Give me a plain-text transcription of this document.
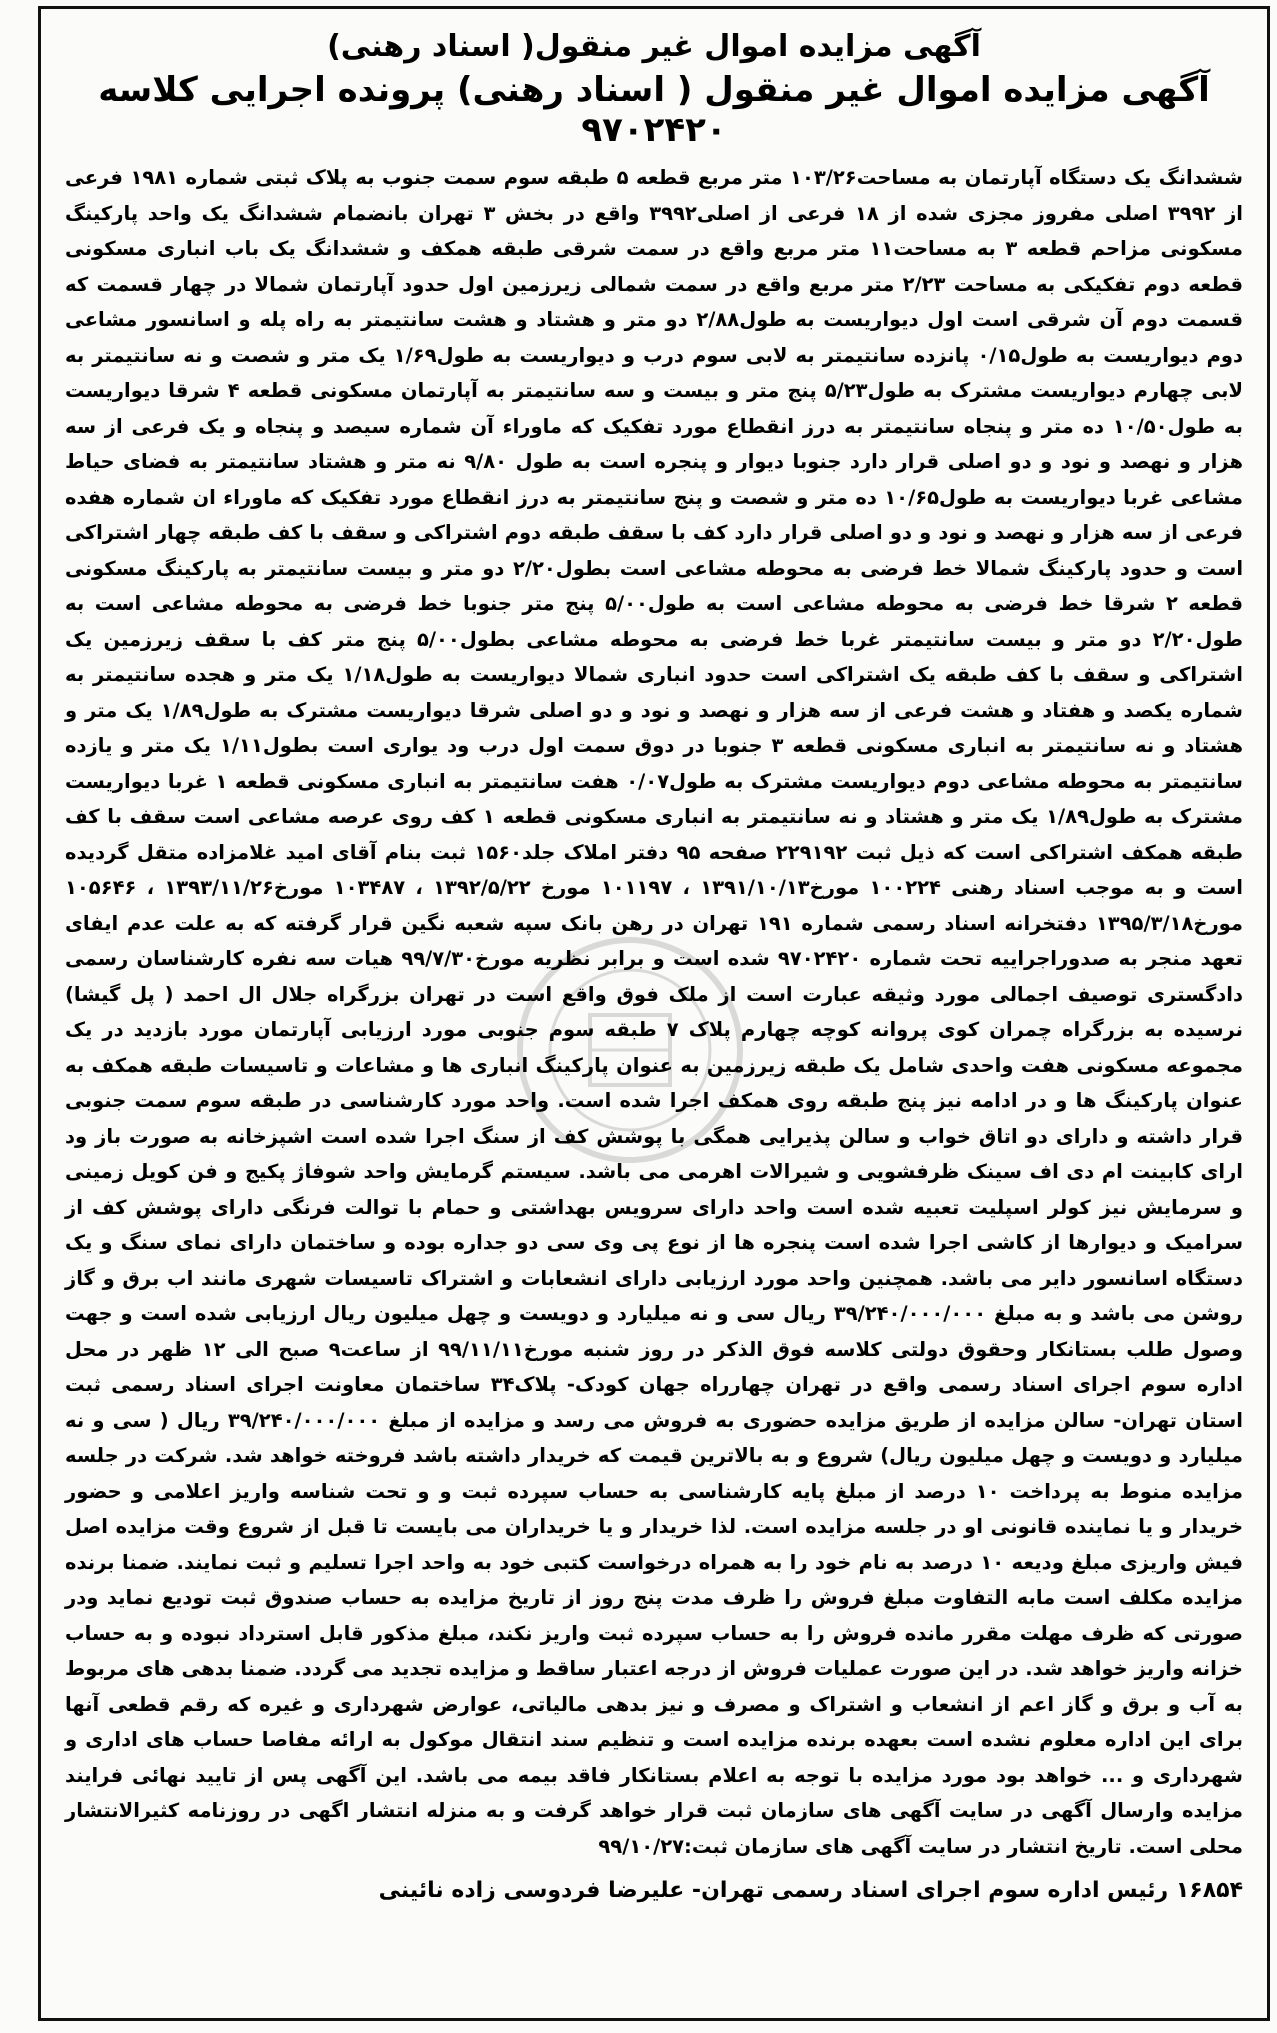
آگهی مزایده اموال غیر منقول( اسناد رهنی)
آگهی مزایده اموال غیر منقول ( اسناد رهنی) پرونده اجرایی کلاسه ۹۷۰۲۴۲۰

ششدانگ یک دستگاه آپارتمان به مساحت۱۰۳/۲۶ متر مربع قطعه ۵ طبقه سوم سمت جنوب به پلاک ثبتی شماره ۱۹۸۱ فرعی از ۳۹۹۲ اصلی مفروز مجزی شده از ۱۸ فرعی از اصلی۳۹۹۲ واقع در بخش ۳ تهران بانضمام ششدانگ یک واحد پارکینگ مسکونی مزاحم قطعه ۳ به مساحت۱۱ متر مربع واقع در سمت شرقی طبقه همکف و ششدانگ یک باب انباری مسکونی قطعه دوم تفکیکی به مساحت ۲/۲۳ متر مربع واقع در سمت شمالی زیرزمین اول حدود آپارتمان شمالا در چهار قسمت که قسمت دوم آن شرقی است اول دیواریست به طول۲/۸۸ دو متر و هشتاد و هشت سانتیمتر به راه پله و اسانسور مشاعی دوم دیواریست به طول۰/۱۵ پانزده سانتیمتر به لابی سوم درب و دیواریست به طول۱/۶۹ یک متر و شصت و نه سانتیمتر به لابی چهارم دیواریست مشترک به طول۵/۲۳ پنج متر و بیست و سه سانتیمتر به آپارتمان مسکونی قطعه ۴ شرقا دیواریست به طول۱۰/۵۰ ده متر و پنجاه سانتیمتر به درز انقطاع مورد تفکیک که ماوراء آن شماره سیصد و پنجاه و یک فرعی از سه هزار و نهصد و نود و دو اصلی قرار دارد جنوبا دیوار و پنجره است به طول ۹/۸۰ نه متر و هشتاد سانتیمتر به فضای حیاط مشاعی غربا دیواریست به طول۱۰/۶۵ ده متر و شصت و پنج سانتیمتر به درز انقطاع مورد تفکیک که ماوراء ان شماره هفده فرعی از سه هزار و نهصد و نود و دو اصلی قرار دارد کف با سقف طبقه دوم اشتراکی و سقف با کف طبقه چهار اشتراکی است و حدود پارکینگ شمالا خط فرضی به محوطه مشاعی است بطول۲/۲۰ دو متر و بیست سانتیمتر به پارکینگ مسکونی قطعه ۲ شرقا خط فرضی به محوطه مشاعی است به طول۵/۰۰ پنج متر جنوبا خط فرضی به محوطه مشاعی است به طول۲/۲۰ دو متر و بیست سانتیمتر غربا خط فرضی به محوطه مشاعی بطول۵/۰۰ پنج متر کف با سقف زیرزمین یک اشتراکی و سقف با کف طبقه یک اشتراکی است حدود انباری شمالا دیواریست به طول۱/۱۸ یک متر و هجده سانتیمتر به شماره یکصد و هفتاد و هشت فرعی از سه هزار و نهصد و نود و دو اصلی شرقا دیواریست مشترک به طول۱/۸۹ یک متر و هشتاد و نه سانتیمتر به انباری مسکونی قطعه ۳ جنوبا در دوق سمت اول درب ود یواری است بطول۱/۱۱ یک متر و یازده سانتیمتر به محوطه مشاعی دوم دیواریست مشترک به طول۰/۰۷ هفت سانتیمتر به انباری مسکونی قطعه ۱ غربا دیواریست مشترک به طول۱/۸۹ یک متر و هشتاد و نه سانتیمتر به انباری مسکونی قطعه ۱ کف روی عرصه مشاعی است سقف با کف طبقه همکف اشتراکی است که ذیل ثبت ۲۲۹۱۹۲ صفحه ۹۵ دفتر املاک جلد۱۵۶۰ ثبت بنام آقای امید غلامزاده متقل گردیده است و به موجب اسناد رهنی ۱۰۰۲۲۴ مورخ۱۳۹۱/۱۰/۱۳ ، ۱۰۱۱۹۷ مورخ ۱۳۹۲/۵/۲۲ ، ۱۰۳۴۸۷ مورخ۱۳۹۳/۱۱/۲۶ ، ۱۰۵۶۴۶ مورخ۱۳۹۵/۳/۱۸ دفتخرانه اسناد رسمی شماره ۱۹۱ تهران در رهن بانک سپه شعبه نگین قرار گرفته که به علت عدم ایفای تعهد منجر به صدوراجراییه تحت شماره ۹۷۰۲۴۲۰ شده است و برابر نظریه مورخ۹۹/۷/۳۰ هیات سه نفره کارشناسان رسمی دادگستری توصیف اجمالی مورد وثیقه عبارت است از ملک فوق واقع است در تهران بزرگراه جلال ال احمد ( پل گیشا) نرسیده به بزرگراه چمران کوی پروانه کوچه چهارم پلاک ۷ طبقه سوم جنوبی مورد ارزیابی آپارتمان مورد بازدید در یک مجموعه مسکونی هفت واحدی شامل یک طبقه زیرزمین به عنوان پارکینگ انباری ها و مشاعات و تاسیسات طبقه همکف به عنوان پارکینگ ها و در ادامه نیز پنج طبقه روی همکف اجرا شده است. واحد مورد کارشناسی در طبقه سوم سمت جنوبی قرار داشته و دارای دو اتاق خواب و سالن پذیرایی همگی با پوشش کف از سنگ اجرا شده است اشپزخانه به صورت باز ود ارای کابینت ام دی اف سینک ظرفشویی و شیرالات اهرمی می باشد. سیستم گرمایش واحد شوفاژ پکیج و فن کویل زمینی و سرمایش نیز کولر اسپلیت تعبیه شده است واحد دارای سرویس بهداشتی و حمام با توالت فرنگی دارای پوشش کف از سرامیک و دیوارها از کاشی اجرا شده است پنجره ها از نوع پی وی سی دو جداره بوده و ساختمان دارای نمای سنگ و یک دستگاه اسانسور دایر می باشد. همچنین واحد مورد ارزیابی دارای انشعابات و اشتراک تاسیسات شهری مانند اب برق و گاز روشن می باشد و به مبلغ ۳۹/۲۴۰/۰۰۰/۰۰۰ ریال سی و نه میلیارد و دویست و چهل میلیون ریال ارزیابی شده است و جهت وصول طلب بستانکار وحقوق دولتی کلاسه فوق الذکر در روز شنبه مورخ۹۹/۱۱/۱۱ از ساعت۹ صبح الی ۱۲ ظهر در محل اداره سوم اجرای اسناد رسمی واقع در تهران چهارراه جهان کودک- پلاک۳۴ ساختمان معاونت اجرای اسناد رسمی ثبت استان تهران- سالن مزایده از طریق مزایده حضوری به فروش می رسد و مزایده از مبلغ ۳۹/۲۴۰/۰۰۰/۰۰۰ ریال ( سی و نه میلیارد و دویست و چهل میلیون ریال) شروع و به بالاترین قیمت که خریدار داشته باشد فروخته خواهد شد. شرکت در جلسه مزایده منوط به پرداخت ۱۰ درصد از مبلغ پایه کارشناسی به حساب سپرده ثبت و و تحت شناسه واریز اعلامی و حضور خریدار و یا نماینده قانونی او در جلسه مزایده است. لذا خریدار و یا خریداران می بایست تا قبل از شروع وقت مزایده اصل فیش واریزی مبلغ ودیعه ۱۰ درصد به نام خود را به همراه درخواست کتبی خود به واحد اجرا تسلیم و ثبت نمایند. ضمنا برنده مزایده مکلف است مابه التفاوت مبلغ فروش را ظرف مدت پنج روز از تاریخ مزایده به حساب صندوق ثبت تودیع نماید ودر صورتی که ظرف مهلت مقرر مانده فروش را به حساب سپرده ثبت واریز نکند، مبلغ مذکور قابل استرداد نبوده و به حساب خزانه واریز خواهد شد. در این صورت عملیات فروش از درجه اعتبار ساقط و مزایده تجدید می گردد. ضمنا بدهی های مربوط به آب و برق و گاز اعم از انشعاب و اشتراک و مصرف و نیز بدهی مالیاتی، عوارض شهرداری و غیره که رقم قطعی آنها برای این اداره معلوم نشده است بعهده برنده مزایده است و تنظیم سند انتقال موکول به ارائه مفاصا حساب های اداری و شهرداری و ... خواهد بود مورد مزایده با توجه به اعلام بستانکار فاقد بیمه می باشد. این آگهی پس از تایید نهائی فرایند مزایده وارسال آگهی در سایت آگهی های سازمان ثبت قرار خواهد گرفت و به منزله انتشار اگهی در روزنامه کثیرالانتشار محلی است. تاریخ انتشار در سایت آگهی های سازمان ثبت:۹۹/۱۰/۲۷

۱۶۸۵۴ رئیس اداره سوم اجرای اسناد رسمی تهران- علیرضا فردوسی زاده نائینی
